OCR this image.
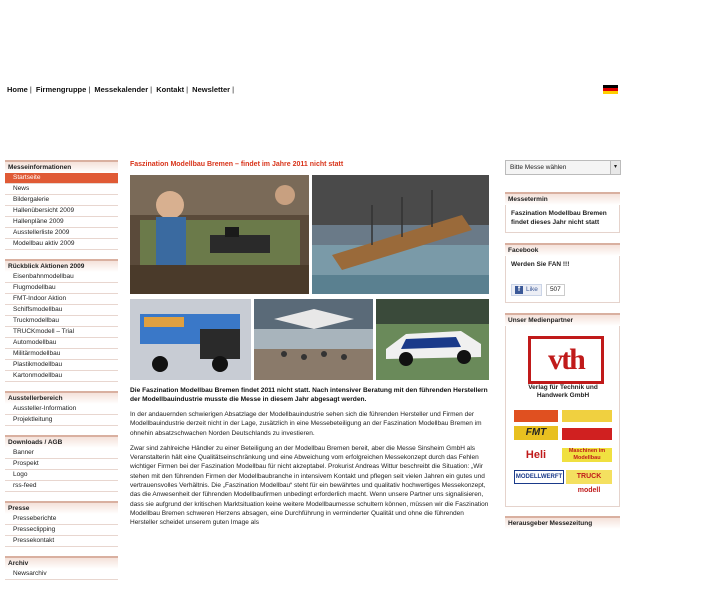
Home | Firmengruppe | Messekalender | Kontakt | Newsletter |
Messeinformationen
Startseite
News
Bildergalerie
Hallenübersicht 2009
Hallenpläne 2009
Ausstellerliste 2009
Modellbau aktiv 2009
Rückblick Aktionen 2009
Eisenbahnmodellbau
Flugmodellbau
FMT-Indoor Aktion
Schiffsmodellbau
Truckmodellbau
TRUCKmodell – Trial
Automodellbau
Militärmodellbau
Plastikmodellbau
Kartonmodellbau
Ausstellerbereich
Aussteller-Information
Projektleitung
Downloads / AGB
Banner
Prospekt
Logo
rss-feed
Presse
Presseberichte
Presseclipping
Pressekontakt
Archiv
Newsarchiv
Faszination Modellbau Bremen – findet im Jahre 2011 nicht statt
Die Faszination Modellbau Bremen findet 2011 nicht statt. Nach intensiver Beratung mit den führenden Herstellern der Modellbauindustrie musste die Messe in diesem Jahr abgesagt werden.
In der andauernden schwierigen Absatzlage der Modellbauindustrie sehen sich die führenden Hersteller und Firmen der Modellbauindustrie derzeit nicht in der Lage, zusätzlich in eine Messebeteiligung an der Faszination Modellbau Bremen im ohnehin absatzschwachen Norden Deutschlands zu investieren.
Zwar sind zahlreiche Händler zu einer Beteiligung an der Modellbau Bremen bereit, aber die Messe Sinsheim GmbH als Veranstalterin hält eine Qualitätseinschränkung und eine Abweichung vom erfolgreichen Messekonzept durch das Fehlen wichtiger Firmen bei der Faszination Modellbau für nicht akzeptabel. Prokurist Andreas Wittur beschreibt die Situation: „Wir stehen mit den führenden Firmen der Modellbaubranche in intensivem Kontakt und pflegen seit vielen Jahren ein gutes und vertrauensvolles Verhältnis. Die „Faszination Modellbau“ steht für ein bewährtes und qualitativ hochwertiges Messekonzept, das die Anwesenheit der führenden Modellbaufirmen unbedingt erforderlich macht. Wenn unsere Partner uns signalisieren, dass sie aufgrund der kritischen Marktsituation keine weitere Modellbaumesse schultern können, müssen wir die Faszination Modellbau Bremen schweren Herzens absagen, eine Durchführung in verminderter Qualität und ohne die führenden Hersteller scheidet unserem guten Image als
Bitte Messe wählen	▾
Messetermin
Faszination Modellbau Bremen findet dieses Jahr nicht statt
Facebook
Werden Sie FAN !!!
f Like	507
Unser Medienpartner
vth
Verlag für Technik und Handwerk GmbH
FMT
Heli	Maschinen im Modellbau
MODELLWERFT	TRUCK modell
Herausgeber Messezeitung
